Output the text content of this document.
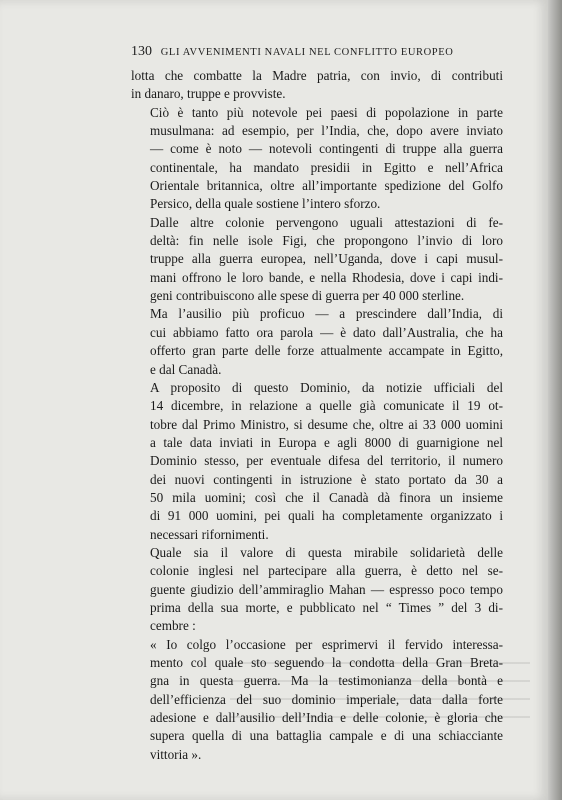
130 GLI AVVENIMENTI NAVALI NEL CONFLITTO EUROPEO

lotta che combatte la Madre patria, con invio, di contributi
in danaro, truppe e provviste.

Ciò è tanto più notevole pei paesi di popolazione in parte
musulmana: ad esempio, per l’India, che, dopo avere inviato
— come è noto — notevoli contingenti di truppe alla guerra
continentale, ha mandato presidii in Egitto e nell’Africa
Orientale britannica, oltre all’importante spedizione del Golfo
Persico, della quale sostiene l’intero sforzo.

Dalle altre colonie pervengono uguali attestazioni di fe-
deltà: fin nelle isole Figi, che propongono l’invio di loro
truppe alla guerra europea, nell’Uganda, dove i capi musul-
mani offrono le loro bande, e nella Rhodesia, dove i capi indi-
geni contribuiscono alle spese di guerra per 40 000 sterline.

Ma l’ausilio più proficuo — a prescindere dall’India, di
cui abbiamo fatto ora parola — è dato dall’Australia, che ha
offerto gran parte delle forze attualmente accampate in Egitto,
e dal Canadà.

A proposito di questo Dominio, da notizie ufficiali del
14 dicembre, in relazione a quelle già comunicate il 19 ot-
tobre dal Primo Ministro, si desume che, oltre ai 33 000 uomini
a tale data inviati in Europa e agli 8000 di guarnigione nel
Dominio stesso, per eventuale difesa del territorio, il numero
dei nuovi contingenti in istruzione è stato portato da 30 a
50 mila uomini; così che il Canadà dà finora un insieme
di 91 000 uomini, pei quali ha completamente organizzato i
necessari rifornimenti.

Quale sia il valore di questa mirabile solidarietà delle
colonie inglesi nel partecipare alla guerra, è detto nel se-
guente giudizio dell’ammiraglio Mahan — espresso poco tempo
prima della sua morte, e pubblicato nel “ Times ” del 3 di-
cembre :

« Io colgo l’occasione per esprimervi il fervido interessa-
mento col quale sto seguendo la condotta della Gran Breta-
gna in questa guerra. Ma la testimonianza della bontà e
dell’efficienza del suo dominio imperiale, data dalla forte
adesione e dall’ausilio dell’India e delle colonie, è gloria che
supera quella di una battaglia campale e di una schiacciante
vittoria ».
